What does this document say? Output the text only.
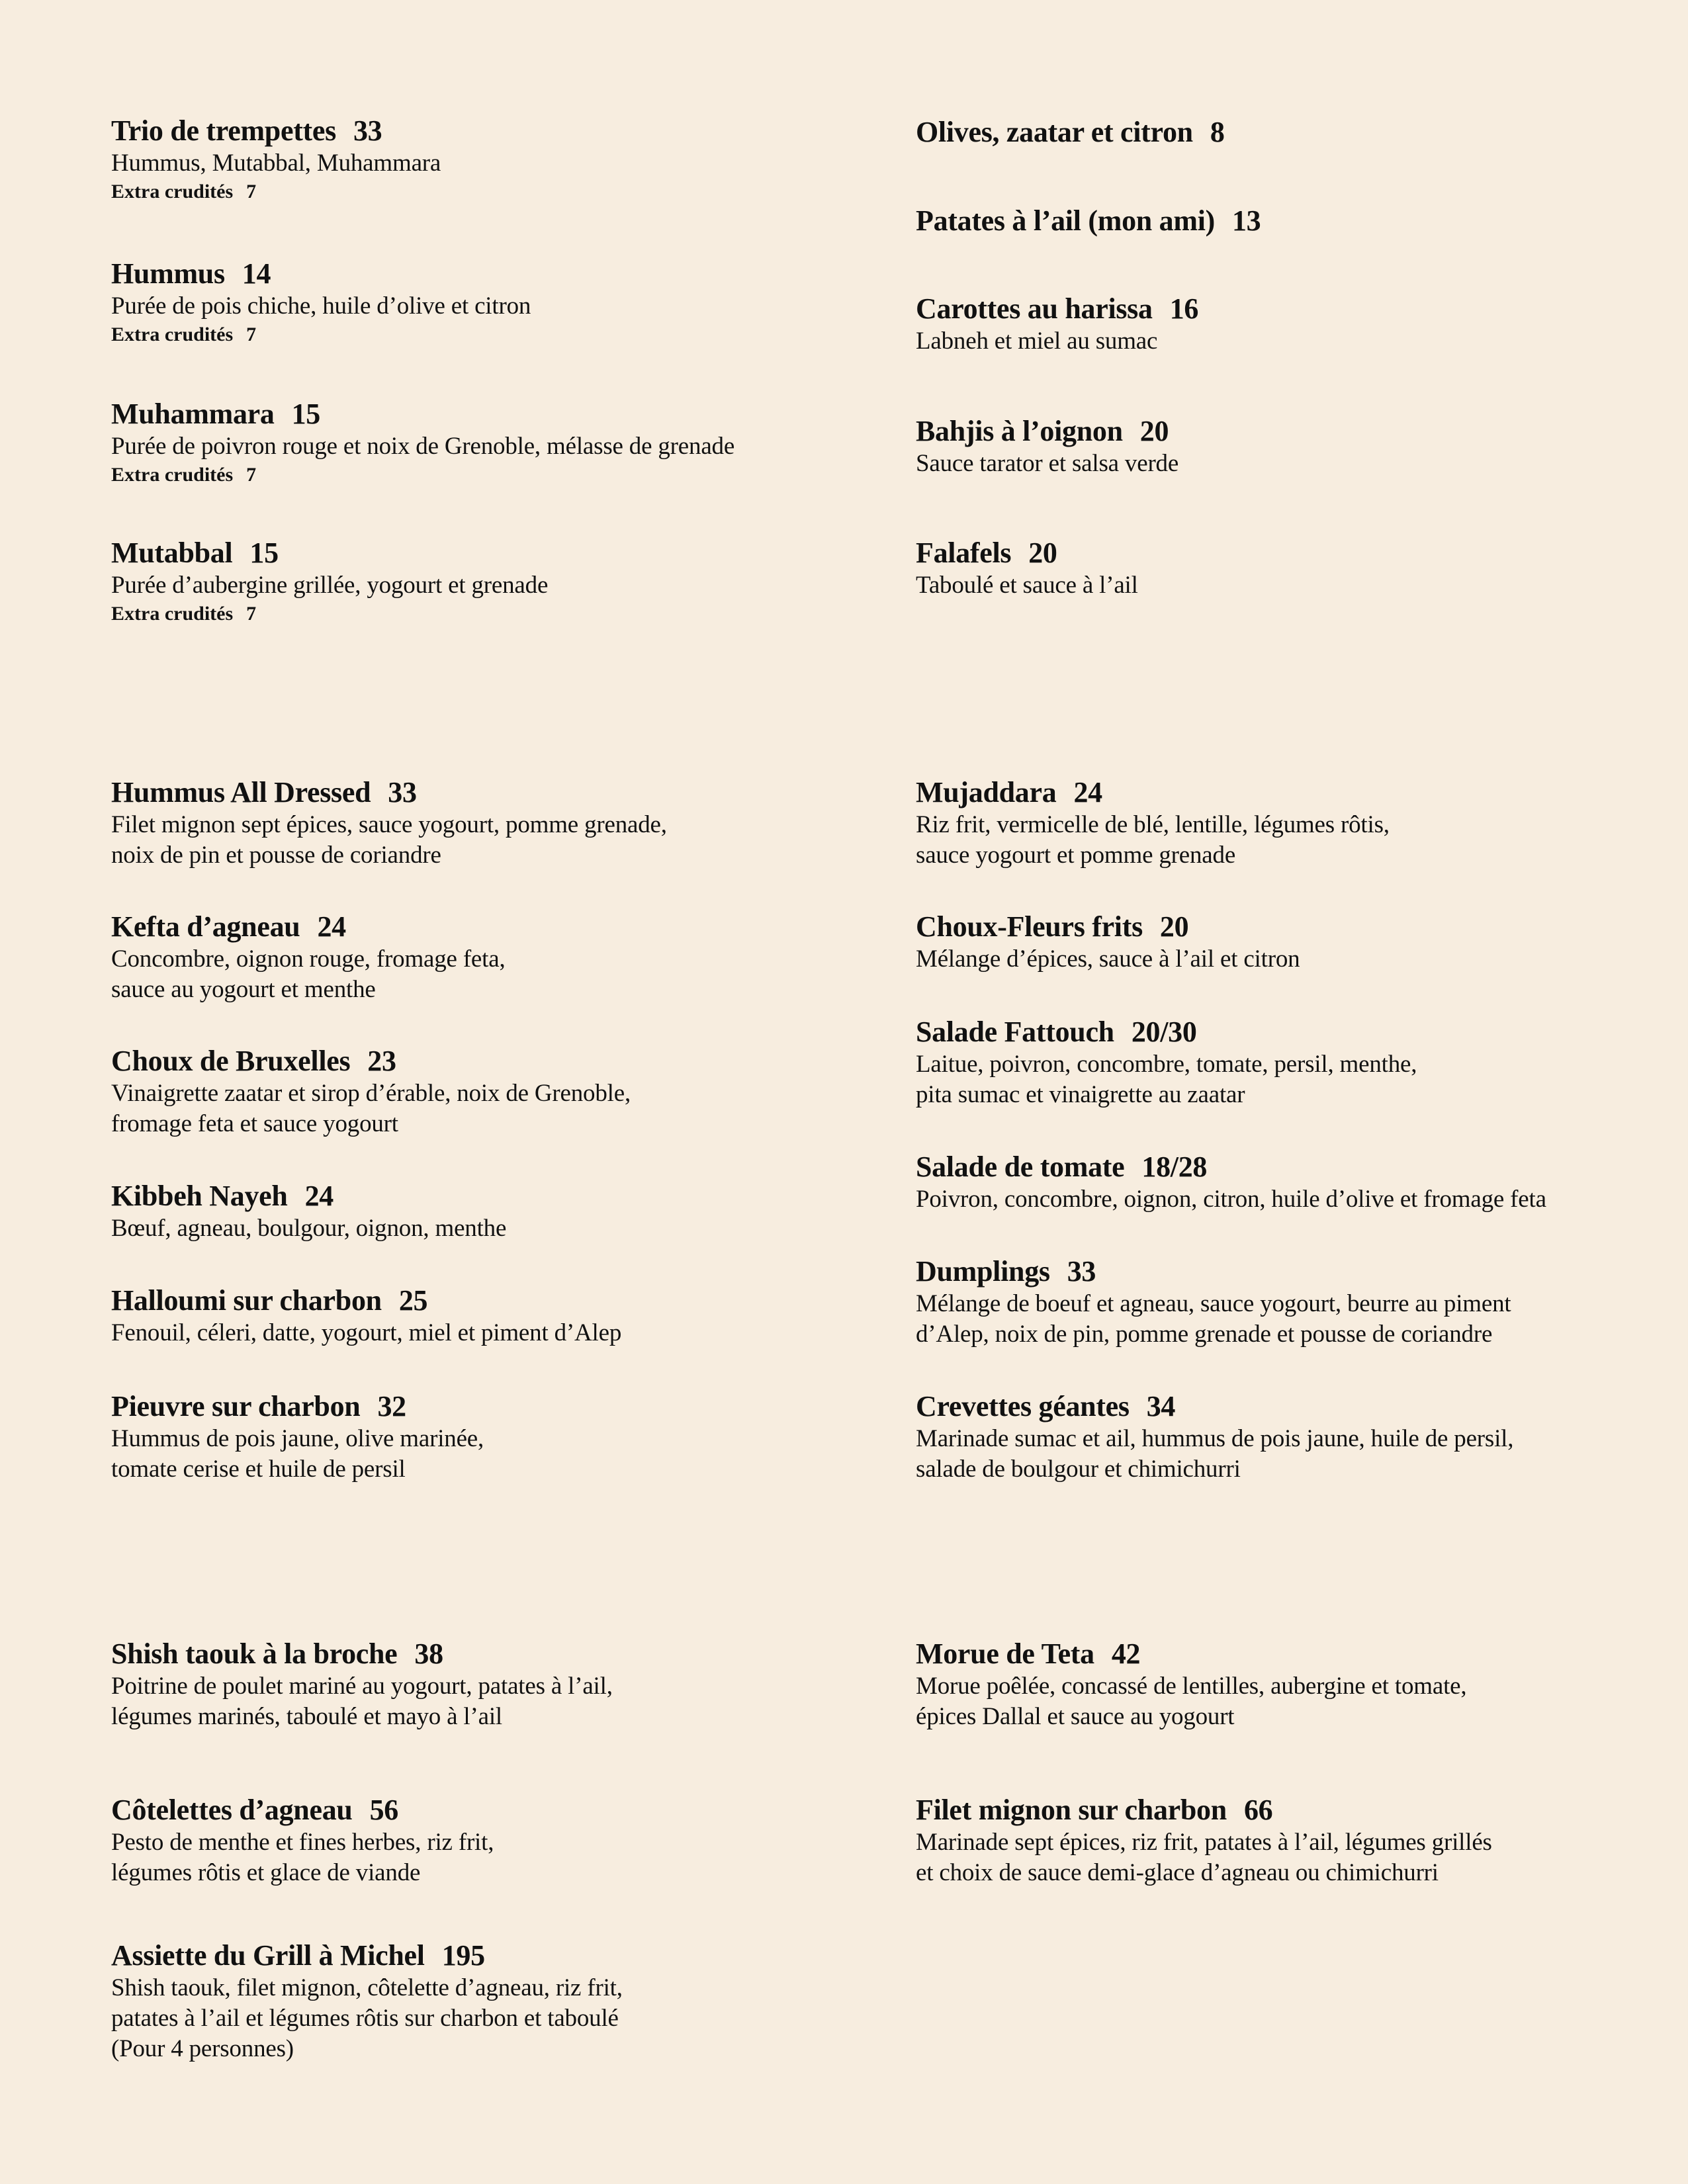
Trio de trempettes 33
Hummus, Mutabbal, Muhammara
Extra crudités 7
Hummus 14
Purée de pois chiche, huile d’olive et citron
Extra crudités 7
Muhammara 15
Purée de poivron rouge et noix de Grenoble, mélasse de grenade
Extra crudités 7
Mutabbal 15
Purée d’aubergine grillée, yogourt et grenade
Extra crudités 7
Olives, zaatar et citron 8
Patates à l’ail (mon ami) 13
Carottes au harissa 16
Labneh et miel au sumac
Bahjis à l’oignon 20
Sauce tarator et salsa verde
Falafels 20
Taboulé et sauce à l’ail
Hummus All Dressed 33
Filet mignon sept épices, sauce yogourt, pomme grenade,
noix de pin et pousse de coriandre
Kefta d’agneau 24
Concombre, oignon rouge, fromage feta,
sauce au yogourt et menthe
Choux de Bruxelles 23
Vinaigrette zaatar et sirop d’érable, noix de Grenoble,
fromage feta et sauce yogourt
Kibbeh Nayeh 24
Bœuf, agneau, boulgour, oignon, menthe
Halloumi sur charbon 25
Fenouil, céleri, datte, yogourt, miel et piment d’Alep
Pieuvre sur charbon 32
Hummus de pois jaune, olive marinée,
tomate cerise et huile de persil
Mujaddara 24
Riz frit, vermicelle de blé, lentille, légumes rôtis,
sauce yogourt et pomme grenade
Choux-Fleurs frits 20
Mélange d’épices, sauce à l’ail et citron
Salade Fattouch 20/30
Laitue, poivron, concombre, tomate, persil, menthe,
pita sumac et vinaigrette au zaatar
Salade de tomate 18/28
Poivron, concombre, oignon, citron, huile d’olive et fromage feta
Dumplings 33
Mélange de boeuf et agneau, sauce yogourt, beurre au piment
d’Alep, noix de pin, pomme grenade et pousse de coriandre
Crevettes géantes 34
Marinade sumac et ail, hummus de pois jaune, huile de persil,
salade de boulgour et chimichurri
Shish taouk à la broche 38
Poitrine de poulet mariné au yogourt, patates à l’ail,
légumes marinés, taboulé et mayo à l’ail
Côtelettes d’agneau 56
Pesto de menthe et fines herbes, riz frit,
légumes rôtis et glace de viande
Assiette du Grill à Michel 195
Shish taouk, filet mignon, côtelette d’agneau, riz frit,
patates à l’ail et légumes rôtis sur charbon et taboulé
(Pour 4 personnes)
Morue de Teta 42
Morue poêlée, concassé de lentilles, aubergine et tomate,
épices Dallal et sauce au yogourt
Filet mignon sur charbon 66
Marinade sept épices, riz frit, patates à l’ail, légumes grillés
et choix de sauce demi-glace d’agneau ou chimichurri
